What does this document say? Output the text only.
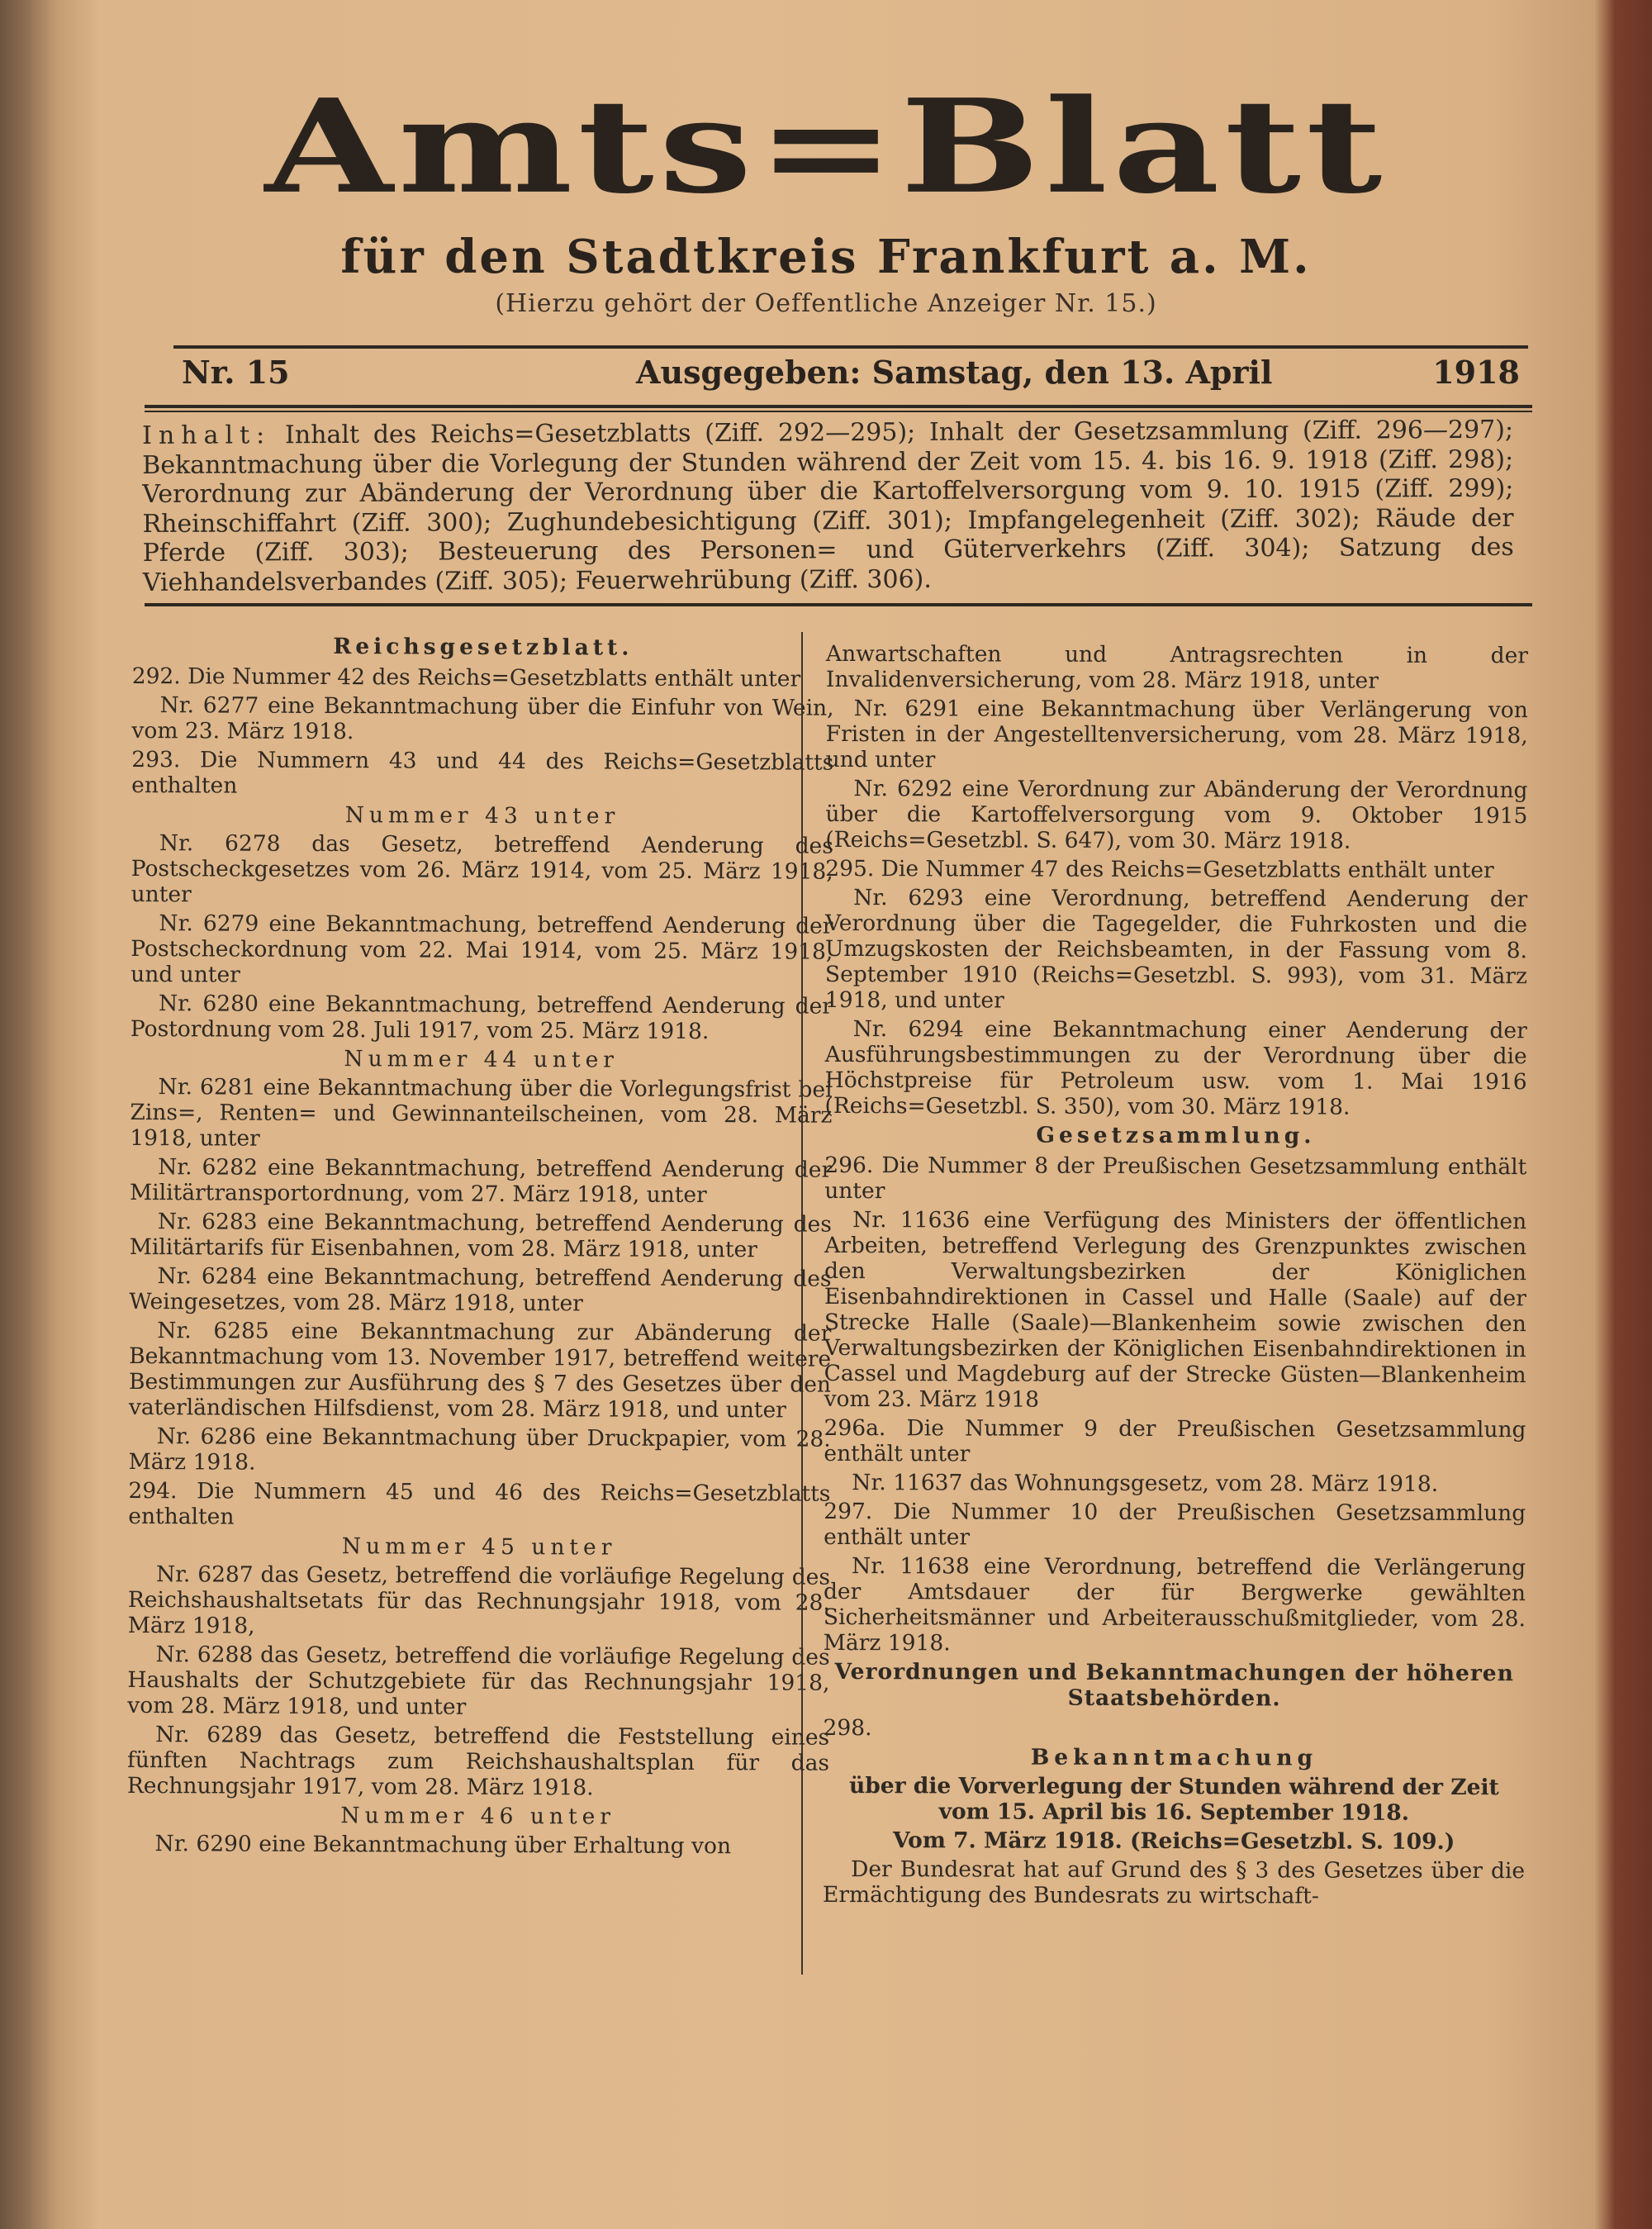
Amts=Blatt
für den Stadtkreis Frankfurt a. M.
(Hierzu gehört der Oeffentliche Anzeiger Nr. 15.)
Nr. 15	Ausgegeben: Samstag, den 13. April	1918
Inhalt: Inhalt des Reichs=Gesetzblatts (Ziff. 292—295); Inhalt der Gesetzsammlung (Ziff. 296—297); Bekanntmachung über die Vorlegung der Stunden während der Zeit vom 15. 4. bis 16. 9. 1918 (Ziff. 298); Verordnung zur Abänderung der Verordnung über die Kartoffelversorgung vom 9. 10. 1915 (Ziff. 299); Rheinschiffahrt (Ziff. 300); Zughundebesichtigung (Ziff. 301); Impfangelegenheit (Ziff. 302); Räude der Pferde (Ziff. 303); Besteuerung des Personen= und Güterverkehrs (Ziff. 304); Satzung des Viehhandelsverbandes (Ziff. 305); Feuerwehrübung (Ziff. 306).

Reichsgesetzblatt.

292. Die Nummer 42 des Reichs=Gesetzblatts enthält unter

Nr. 6277 eine Bekanntmachung über die Einfuhr von Wein, vom 23. März 1918.

293. Die Nummern 43 und 44 des Reichs=Gesetzblatts enthalten

Nummer 43 unter

Nr. 6278 das Gesetz, betreffend Aenderung des Postscheckgesetzes vom 26. März 1914, vom 25. März 1918, unter

Nr. 6279 eine Bekanntmachung, betreffend Aenderung der Postscheckordnung vom 22. Mai 1914, vom 25. März 1918, und unter

Nr. 6280 eine Bekanntmachung, betreffend Aenderung der Postordnung vom 28. Juli 1917, vom 25. März 1918.

Nummer 44 unter

Nr. 6281 eine Bekanntmachung über die Vorlegungsfrist bei Zins=, Renten= und Gewinnanteilscheinen, vom 28. März 1918, unter

Nr. 6282 eine Bekanntmachung, betreffend Aenderung der Militärtransportordnung, vom 27. März 1918, unter

Nr. 6283 eine Bekanntmachung, betreffend Aenderung des Militärtarifs für Eisenbahnen, vom 28. März 1918, unter

Nr. 6284 eine Bekanntmachung, betreffend Aenderung des Weingesetzes, vom 28. März 1918, unter

Nr. 6285 eine Bekanntmachung zur Abänderung der Bekanntmachung vom 13. November 1917, betreffend weitere Bestimmungen zur Ausführung des § 7 des Gesetzes über den vaterländischen Hilfsdienst, vom 28. März 1918, und unter

Nr. 6286 eine Bekanntmachung über Druckpapier, vom 28. März 1918.

294. Die Nummern 45 und 46 des Reichs=Gesetzblatts enthalten

Nummer 45 unter

Nr. 6287 das Gesetz, betreffend die vorläufige Regelung des Reichshaushaltsetats für das Rechnungsjahr 1918, vom 28. März 1918,

Nr. 6288 das Gesetz, betreffend die vorläufige Regelung des Haushalts der Schutzgebiete für das Rechnungsjahr 1918, vom 28. März 1918, und unter

Nr. 6289 das Gesetz, betreffend die Feststellung eines fünften Nachtrags zum Reichshaushaltsplan für das Rechnungsjahr 1917, vom 28. März 1918.

Nummer 46 unter

Nr. 6290 eine Bekanntmachung über Erhaltung von

Anwartschaften und Antragsrechten in der Invalidenversicherung, vom 28. März 1918, unter

Nr. 6291 eine Bekanntmachung über Verlängerung von Fristen in der Angestelltenversicherung, vom 28. März 1918, und unter

Nr. 6292 eine Verordnung zur Abänderung der Verordnung über die Kartoffelversorgung vom 9. Oktober 1915 (Reichs=Gesetzbl. S. 647), vom 30. März 1918.

295. Die Nummer 47 des Reichs=Gesetzblatts enthält unter

Nr. 6293 eine Verordnung, betreffend Aenderung der Verordnung über die Tagegelder, die Fuhrkosten und die Umzugskosten der Reichsbeamten, in der Fassung vom 8. September 1910 (Reichs=Gesetzbl. S. 993), vom 31. März 1918, und unter

Nr. 6294 eine Bekanntmachung einer Aenderung der Ausführungsbestimmungen zu der Verordnung über die Höchstpreise für Petroleum usw. vom 1. Mai 1916 (Reichs=Gesetzbl. S. 350), vom 30. März 1918.

Gesetzsammlung.

296. Die Nummer 8 der Preußischen Gesetzsammlung enthält unter

Nr. 11636 eine Verfügung des Ministers der öffentlichen Arbeiten, betreffend Verlegung des Grenzpunktes zwischen den Verwaltungsbezirken der Königlichen Eisenbahndirektionen in Cassel und Halle (Saale) auf der Strecke Halle (Saale)—Blankenheim sowie zwischen den Verwaltungsbezirken der Königlichen Eisenbahndirektionen in Cassel und Magdeburg auf der Strecke Güsten—Blankenheim vom 23. März 1918

296a. Die Nummer 9 der Preußischen Gesetzsammlung enthält unter

Nr. 11637 das Wohnungsgesetz, vom 28. März 1918.

297. Die Nummer 10 der Preußischen Gesetzsammlung enthält unter

Nr. 11638 eine Verordnung, betreffend die Verlängerung der Amtsdauer der für Bergwerke gewählten Sicherheitsmänner und Arbeiterausschußmitglieder, vom 28. März 1918.

Verordnungen und Bekanntmachungen der höheren Staatsbehörden.

298.

Bekanntmachung

über die Vorverlegung der Stunden während der Zeit vom 15. April bis 16. September 1918.

Vom 7. März 1918. (Reichs=Gesetzbl. S. 109.)

Der Bundesrat hat auf Grund des § 3 des Gesetzes über die Ermächtigung des Bundesrats zu wirtschaft-
